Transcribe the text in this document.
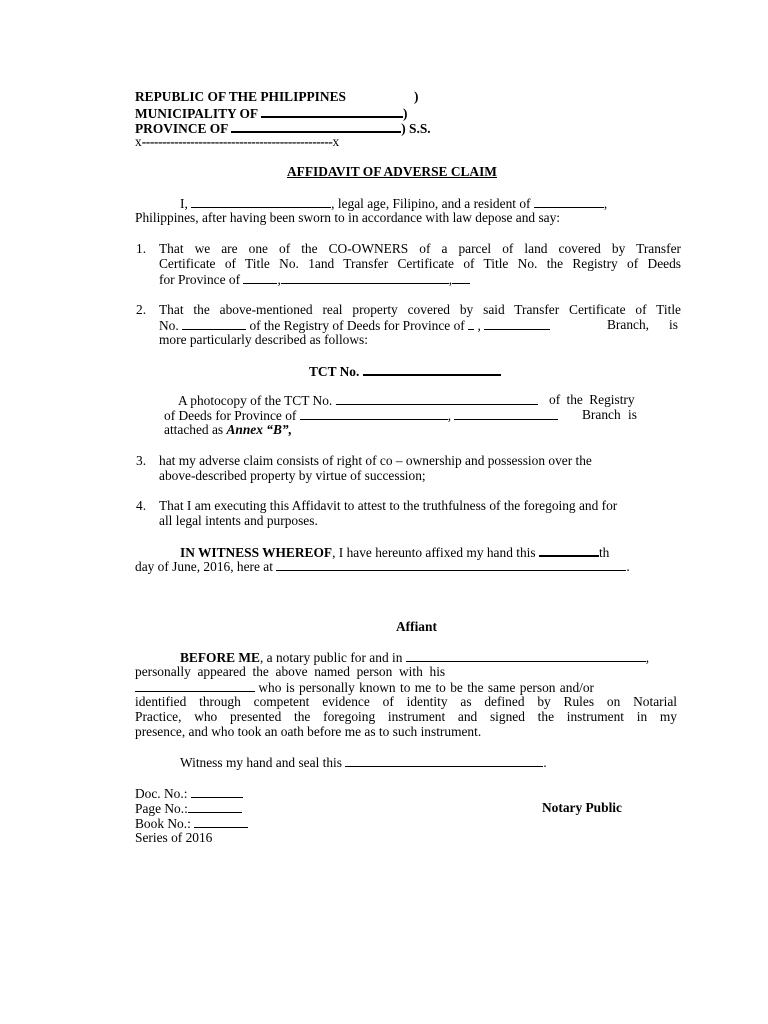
REPUBLIC OF THE PHILIPPINES	)
MUNICIPALITY OF	)
PROVINCE OF	) S.S.
x-----------------------------------------------x
AFFIDAVIT OF ADVERSE CLAIM
I,	, legal age, Filipino, and a resident of	,
Philippines, after having been sworn to in accordance with law depose and say:
1. That we are one of the CO-OWNERS of a parcel of land covered by Transfer
Certificate of Title No. 1and Transfer Certificate of Title No. the Registry of Deeds
for Province of	,	,
2. That the above-mentioned real property covered by said Transfer Certificate of Title
No.	of the Registry of Deeds for Province of ,	Branch, is
more particularly described as follows:
TCT No.
A photocopy of the TCT No.	of the Registry
of Deeds for Province of	,	Branch is
attached as Annex “B”,
3. hat my adverse claim consists of right of co – ownership and possession over the
above-described property by virtue of succession;
4. That I am executing this Affidavit to attest to the truthfulness of the foregoing and for
all legal intents and purposes.
IN WITNESS WHEREOF, I have hereunto affixed my hand this	th
day of June, 2016, here at	.
Affiant
BEFORE ME, a notary public for and in	,
personally  appeared  the  above  named  person  with  his
who is personally known to me to be the same person and/or
identified through competent evidence of identity as defined by Rules on Notarial
Practice, who presented the foregoing instrument and signed the instrument in my
presence, and who took an oath before me as to such instrument.
Witness my hand and seal this	.
Doc. No.:
Page No.:	Notary Public
Book No.:
Series of 2016
